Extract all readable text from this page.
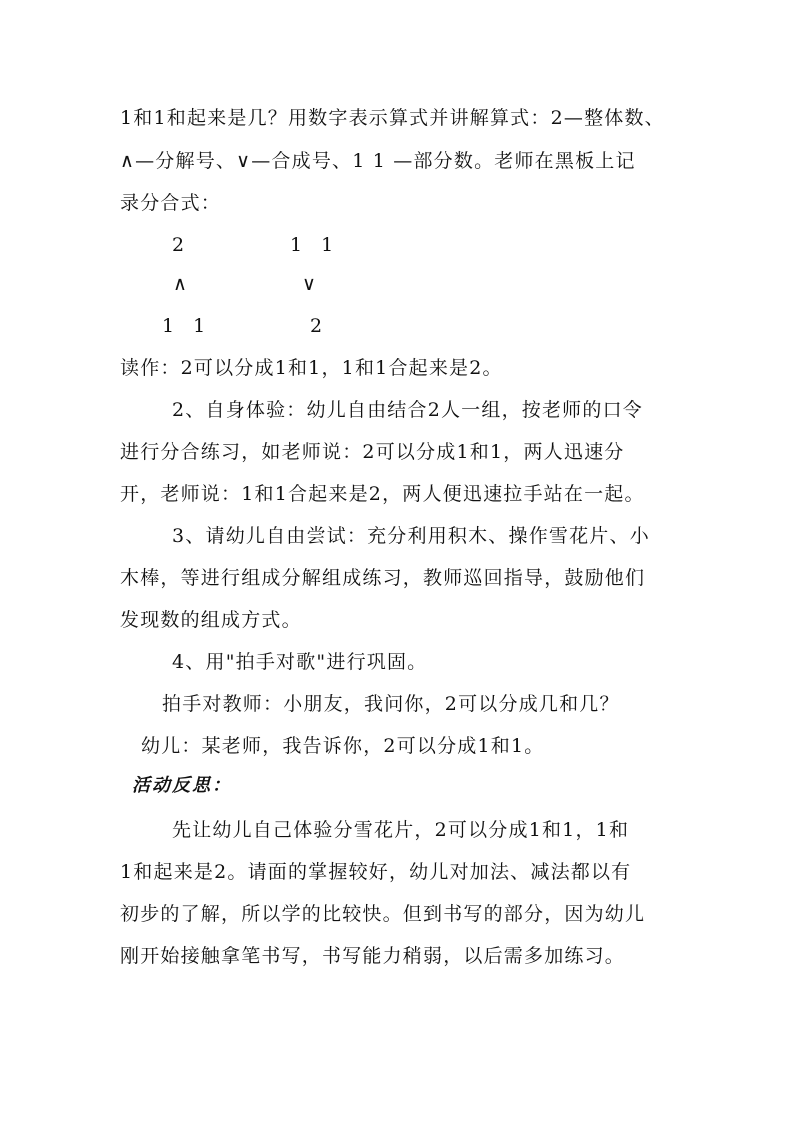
1和1和起来是几？用数字表示算式并讲解算式：2—整体数、
∧—分解号、∨—合成号、1 1 —部分数。老师在黑板上记
录分合式：
2
∧
1　1
1　1
∨
2
读作：2可以分成1和1，1和1合起来是2。
2、自身体验：幼儿自由结合2人一组，按老师的口令
进行分合练习，如老师说：2可以分成1和1，两人迅速分
开，老师说：1和1合起来是2，两人便迅速拉手站在一起。
3、请幼儿自由尝试：充分利用积木、操作雪花片、小
木棒，等进行组成分解组成练习，教师巡回指导，鼓励他们
发现数的组成方式。
4、用"拍手对歌"进行巩固。
拍手对教师：小朋友，我问你，2可以分成几和几？
幼儿：某老师，我告诉你，2可以分成1和1。
活动反思：
先让幼儿自己体验分雪花片，2可以分成1和1，1和
1和起来是2。请面的掌握较好，幼儿对加法、减法都以有
初步的了解，所以学的比较快。但到书写的部分，因为幼儿
刚开始接触拿笔书写，书写能力稍弱，以后需多加练习。
